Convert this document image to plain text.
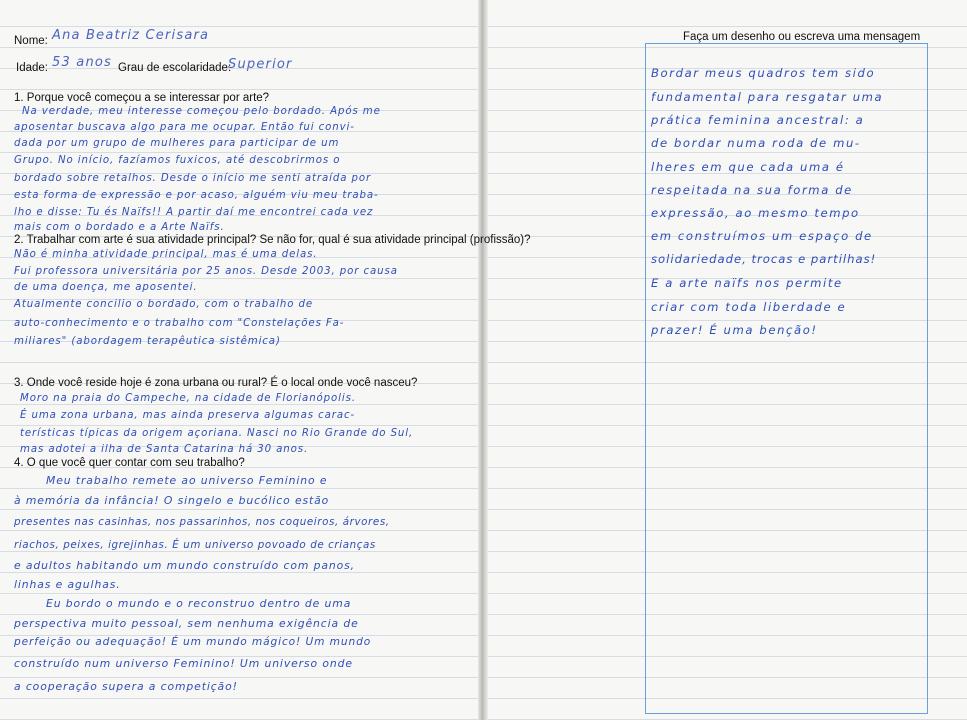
Nome: Ana Beatriz Cerisara
Idade: 53 anos Grau de escolaridade:
Superior
1. Porque você começou a se interessar por arte?
Na verdade, meu interesse começou pelo bordado. Após me
aposentar buscava algo para me ocupar. Então fui convi-
dada por um grupo de mulheres para participar de um
Grupo. No início, fazíamos fuxicos, até descobrirmos o
bordado sobre retalhos. Desde o início me senti atraída por
esta forma de expressão e por acaso, alguém viu meu traba-
lho e disse: Tu és Naïfs!! A partir daí me encontrei cada vez
mais com o bordado e a Arte Naïfs.
2. Trabalhar com arte é sua atividade principal? Se não for, qual é sua atividade principal (profissão)?
Não é minha atividade principal, mas é uma delas.
Fui professora universitária por 25 anos. Desde 2003, por causa
de uma doença, me aposentei.
Atualmente concilio o bordado, com o trabalho de
auto-conhecimento e o trabalho com "Constelações Fa-
miliares" (abordagem terapêutica sistêmica)
3. Onde você reside hoje é zona urbana ou rural? É o local onde você nasceu?
Moro na praia do Campeche, na cidade de Florianópolis.
É uma zona urbana, mas ainda preserva algumas carac-
terísticas típicas da origem açoriana. Nasci no Rio Grande do Sul,
mas adotei a ilha de Santa Catarina há 30 anos.
4. O que você quer contar com seu trabalho?
Meu trabalho remete ao universo Feminino e
à memória da infância! O singelo e bucólico estão
presentes nas casinhas, nos passarinhos, nos coqueiros, árvores,
riachos, peixes, igrejinhas. É um universo povoado de crianças
e adultos habitando um mundo construído com panos,
linhas e agulhas.
Eu bordo o mundo e o reconstruo dentro de uma
perspectiva muito pessoal, sem nenhuma exigência de
perfeição ou adequação! É um mundo mágico! Um mundo
construído num universo Feminino! Um universo onde
a cooperação supera a competição!
Faça um desenho ou escreva uma mensagem
Bordar meus quadros tem sido
fundamental para resgatar uma
prática feminina ancestral: a
de bordar numa roda de mu-
lheres em que cada uma é
respeitada na sua forma de
expressão, ao mesmo tempo
em construímos um espaço de
solidariedade, trocas e partilhas!
E a arte naïfs nos permite
criar com toda liberdade e
prazer! É uma benção!
